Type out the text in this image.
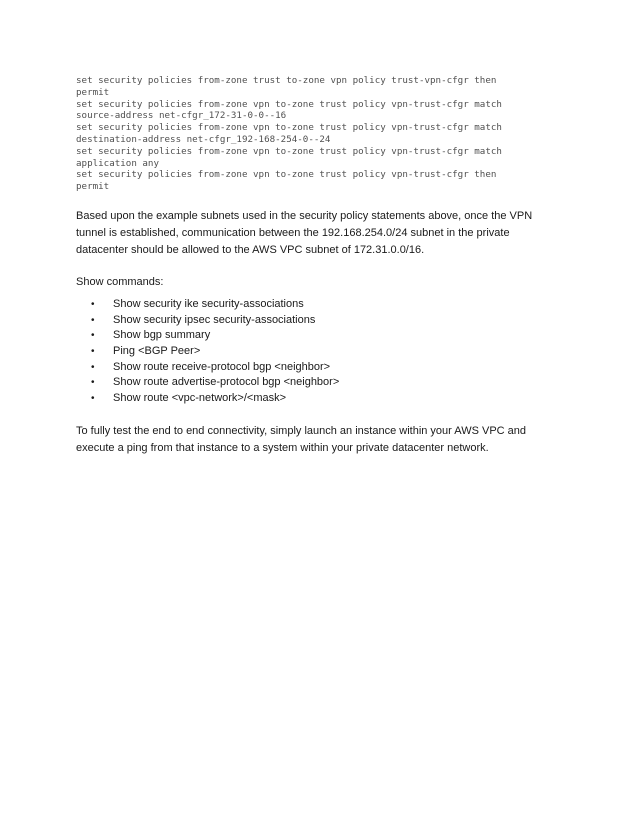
set security policies from-zone trust to-zone vpn policy trust-vpn-cfgr then
permit
set security policies from-zone vpn to-zone trust policy vpn-trust-cfgr match
source-address net-cfgr_172-31-0-0--16
set security policies from-zone vpn to-zone trust policy vpn-trust-cfgr match
destination-address net-cfgr_192-168-254-0--24
set security policies from-zone vpn to-zone trust policy vpn-trust-cfgr match
application any
set security policies from-zone vpn to-zone trust policy vpn-trust-cfgr then
permit
Based upon the example subnets used in the security policy statements above, once the VPN
tunnel is established, communication between the 192.168.254.0/24 subnet in the private
datacenter should be allowed to the AWS VPC subnet of 172.31.0.0/16.
Show commands:
• Show security ike security-associations
• Show security ipsec security-associations
• Show bgp summary
• Ping <BGP Peer>
• Show route receive-protocol bgp <neighbor>
• Show route advertise-protocol bgp <neighbor>
• Show route <vpc-network>/<mask>
To fully test the end to end connectivity, simply launch an instance within your AWS VPC and
execute a ping from that instance to a system within your private datacenter network.
